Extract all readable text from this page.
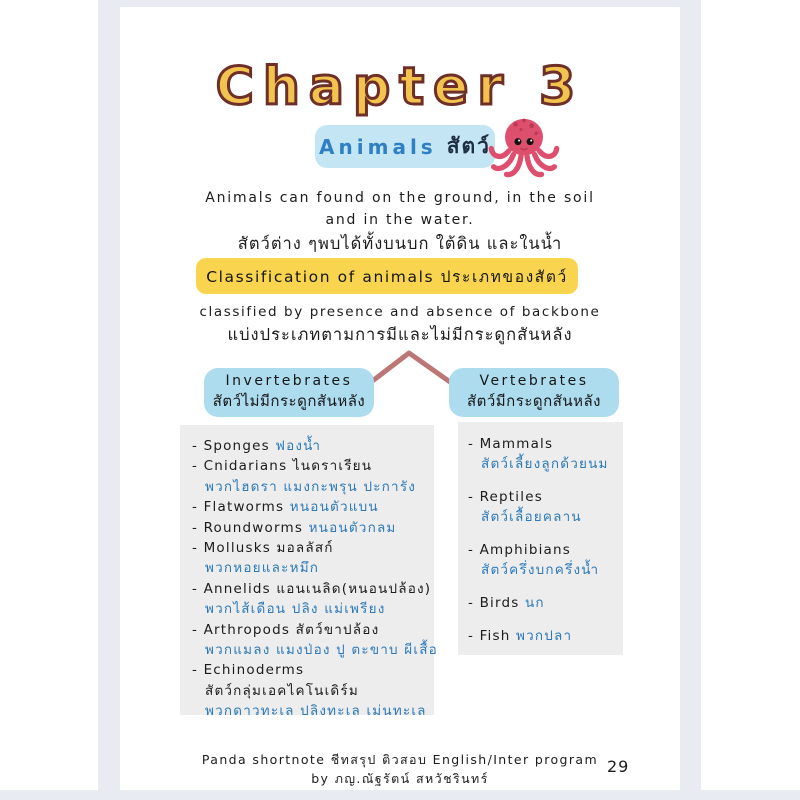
Chapter 3
Animals สัตว์
Animals can found on the ground, in the soil
and in the water.
สัตว์ต่าง ๆพบได้ทั้งบนบก ใต้ดิน และในน้ำ
Classification of animals ประเภทของสัตว์
classified by presence and absence of backbone
แบ่งประเภทตามการมีและไม่มีกระดูกสันหลัง
Invertebrates
สัตว์ไม่มีกระดูกสันหลัง
Vertebrates
สัตว์มีกระดูกสันหลัง
- Sponges ฟองน้ำ
- Cnidarians ไนดราเรียน
พวกไฮดรา แมงกะพรุน ปะการัง
- Flatworms หนอนตัวแบน
- Roundworms หนอนตัวกลม
- Mollusks มอลลัสก์
พวกหอยและหมึก
- Annelids แอนเนลิด(หนอนปล้อง)
พวกไส้เดือน ปลิง แม่เพรียง
- Arthropods สัตว์ขาปล้อง
พวกแมลง แมงป่อง ปู ตะขาบ ผีเสื้อ
- Echinoderms
สัตว์กลุ่มเอคไคโนเดิร์ม
พวกดาวทะเล ปลิงทะเล เม่นทะเล
- Mammals
สัตว์เลี้ยงลูกด้วยนม
- Reptiles
สัตว์เลื้อยคลาน
- Amphibians
สัตว์ครึ่งบกครึ่งน้ำ
- Birds นก
- Fish พวกปลา
Panda shortnote ชีทสรุป ติวสอบ English/Inter program
by ภญ.ณัฐรัตน์ สหวัชรินทร์
29
